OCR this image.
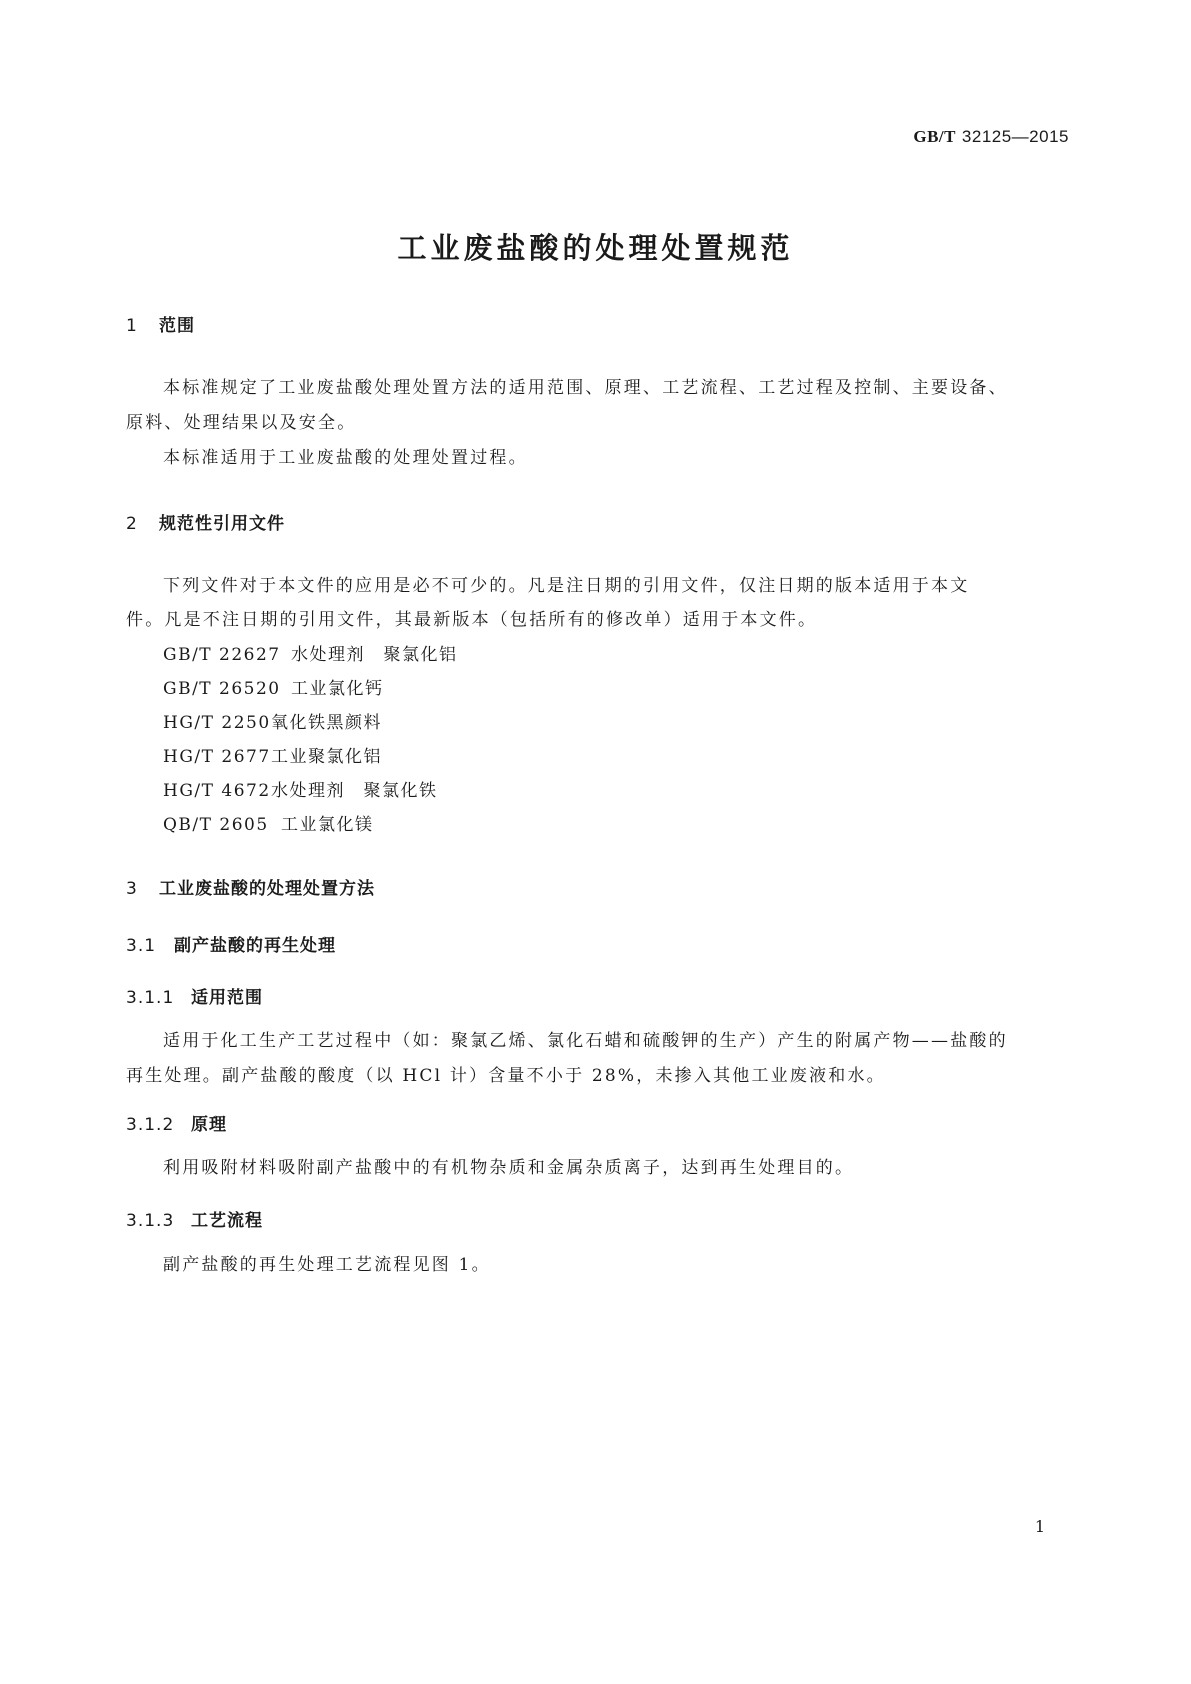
GB/T 32125—2015
工业废盐酸的处理处置规范
1 范围
本标准规定了工业废盐酸处理处置方法的适用范围、原理、工艺流程、工艺过程及控制、主要设备、
原料、处理结果以及安全。
本标准适用于工业废盐酸的处理处置过程。
2 规范性引用文件
下列文件对于本文件的应用是必不可少的。凡是注日期的引用文件，仅注日期的版本适用于本文
件。凡是不注日期的引用文件，其最新版本（包括所有的修改单）适用于本文件。
GB/T 22627 水处理剂　聚氯化铝
GB/T 26520 工业氯化钙
HG/T 2250氧化铁黑颜料
HG/T 2677工业聚氯化铝
HG/T 4672水处理剂　聚氯化铁
QB/T 2605 工业氯化镁
3 工业废盐酸的处理处置方法
3.1 副产盐酸的再生处理
3.1.1 适用范围
适用于化工生产工艺过程中（如：聚氯乙烯、氯化石蜡和硫酸钾的生产）产生的附属产物——盐酸的
再生处理。副产盐酸的酸度（以 HCl 计）含量不小于 28%，未掺入其他工业废液和水。
3.1.2 原理
利用吸附材料吸附副产盐酸中的有机物杂质和金属杂质离子，达到再生处理目的。
3.1.3 工艺流程
副产盐酸的再生处理工艺流程见图 1。
1
